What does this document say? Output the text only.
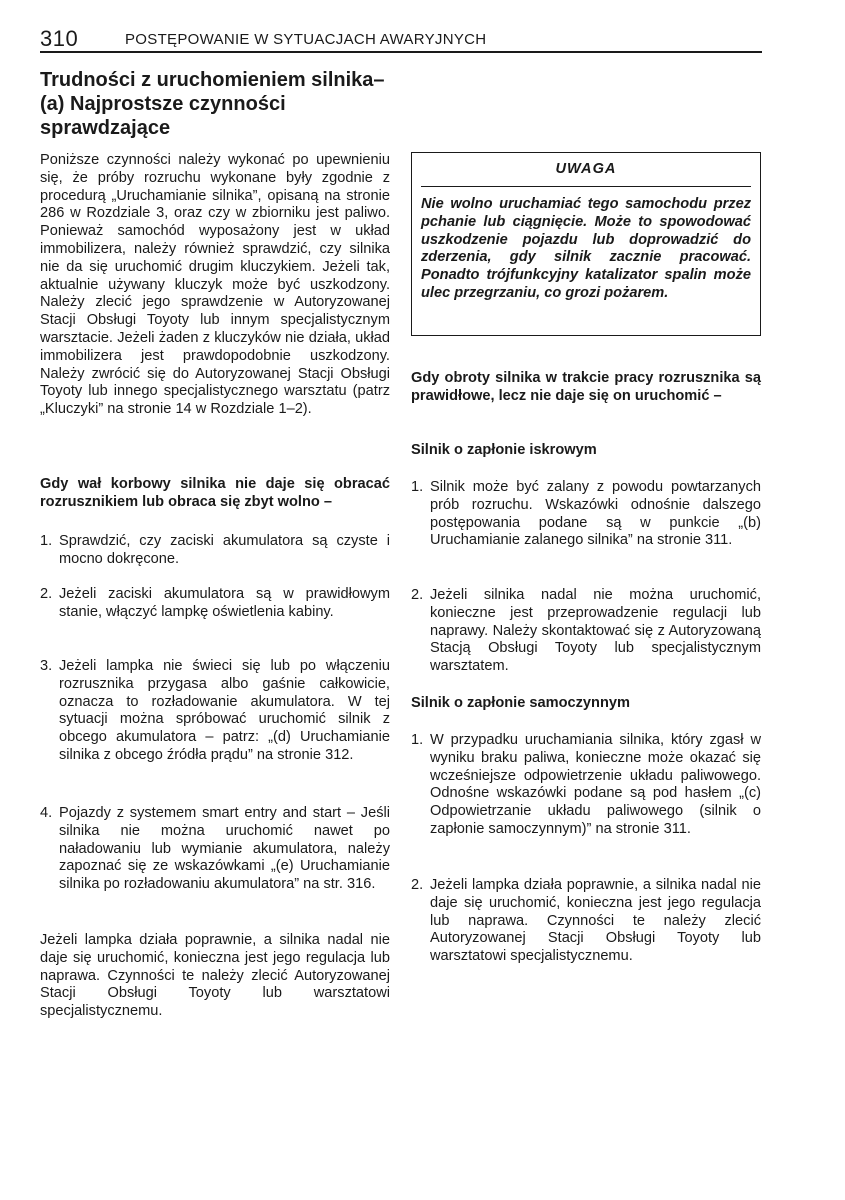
310	POSTĘPOWANIE W SYTUACJACH AWARYJNYCH
Trudności z uruchomieniem silnika– (a) Najprostsze czynności sprawdzające

Poniższe czynności należy wykonać po upewnieniu się, że próby rozruchu wykonane były zgodnie z procedurą „Uruchamianie silnika”, opisaną na stronie 286 w Rozdziale 3, oraz czy w zbiorniku jest paliwo. Ponieważ samochód wyposażony jest w układ immobilizera, należy również sprawdzić, czy silnika nie da się uruchomić drugim kluczykiem. Jeżeli tak, aktualnie używany kluczyk może być uszkodzony. Należy zlecić jego sprawdzenie w Autoryzowanej Stacji Obsługi Toyoty lub innym specjalistycznym warsztacie. Jeżeli żaden z kluczyków nie działa, układ immobilizera jest prawdopodobnie uszkodzony. Należy zwrócić się do Autoryzowanej Stacji Obsługi Toyoty lub innego specjalistycznego warsztatu (patrz „Kluczyki” na stronie 14 w Rozdziale 1–2).

Gdy wał korbowy silnika nie daje się obracać rozrusznikiem lub obraca się zbyt wolno –

1. Sprawdzić, czy zaciski akumulatora są czyste i mocno dokręcone.

2. Jeżeli zaciski akumulatora są w prawidłowym stanie, włączyć lampkę oświetlenia kabiny.

3. Jeżeli lampka nie świeci się lub po włączeniu rozrusznika przygasa albo gaśnie całkowicie, oznacza to rozładowanie akumulatora. W tej sytuacji można spróbować uruchomić silnik z obcego akumulatora – patrz: „(d) Uruchamianie silnika z obcego źródła prądu” na stronie 312.

4. Pojazdy z systemem smart entry and start – Jeśli silnika nie można uruchomić nawet po naładowaniu lub wymianie akumulatora, należy zapoznać się ze wskazówkami „(e) Uruchamianie silnika po rozładowaniu akumulatora” na str. 316.

Jeżeli lampka działa poprawnie, a silnika nadal nie daje się uruchomić, konieczna jest jego regulacja lub naprawa. Czynności te należy zlecić Autoryzowanej Stacji Obsługi Toyoty lub warsztatowi specjalistycznemu.

UWAGA
Nie wolno uruchamiać tego samochodu przez pchanie lub ciągnięcie. Może to spowodować uszkodzenie pojazdu lub doprowadzić do zderzenia, gdy silnik zacznie pracować. Ponadto trójfunkcyjny katalizator spalin może ulec przegrzaniu, co grozi pożarem.

Gdy obroty silnika w trakcie pracy rozrusznika są prawidłowe, lecz nie daje się on uruchomić –

Silnik o zapłonie iskrowym

1. Silnik może być zalany z powodu powtarzanych prób rozruchu. Wskazówki odnośnie dalszego postępowania podane są w punkcie „(b) Uruchamianie zalanego silnika” na stronie 311.

2. Jeżeli silnika nadal nie można uruchomić, konieczne jest przeprowadzenie regulacji lub naprawy. Należy skontaktować się z Autoryzowaną Stacją Obsługi Toyoty lub specjalistycznym warsztatem.

Silnik o zapłonie samoczynnym

1. W przypadku uruchamiania silnika, który zgasł w wyniku braku paliwa, konieczne może okazać się wcześniejsze odpowietrzenie układu paliwowego. Odnośne wskazówki podane są pod hasłem „(c) Odpowietrzanie układu paliwowego (silnik o zapłonie samoczynnym)” na stronie 311.

2. Jeżeli lampka działa poprawnie, a silnika nadal nie daje się uruchomić, konieczna jest jego regulacja lub naprawa. Czynności te należy zlecić Autoryzowanej Stacji Obsługi Toyoty lub warsztatowi specjalistycznemu.
